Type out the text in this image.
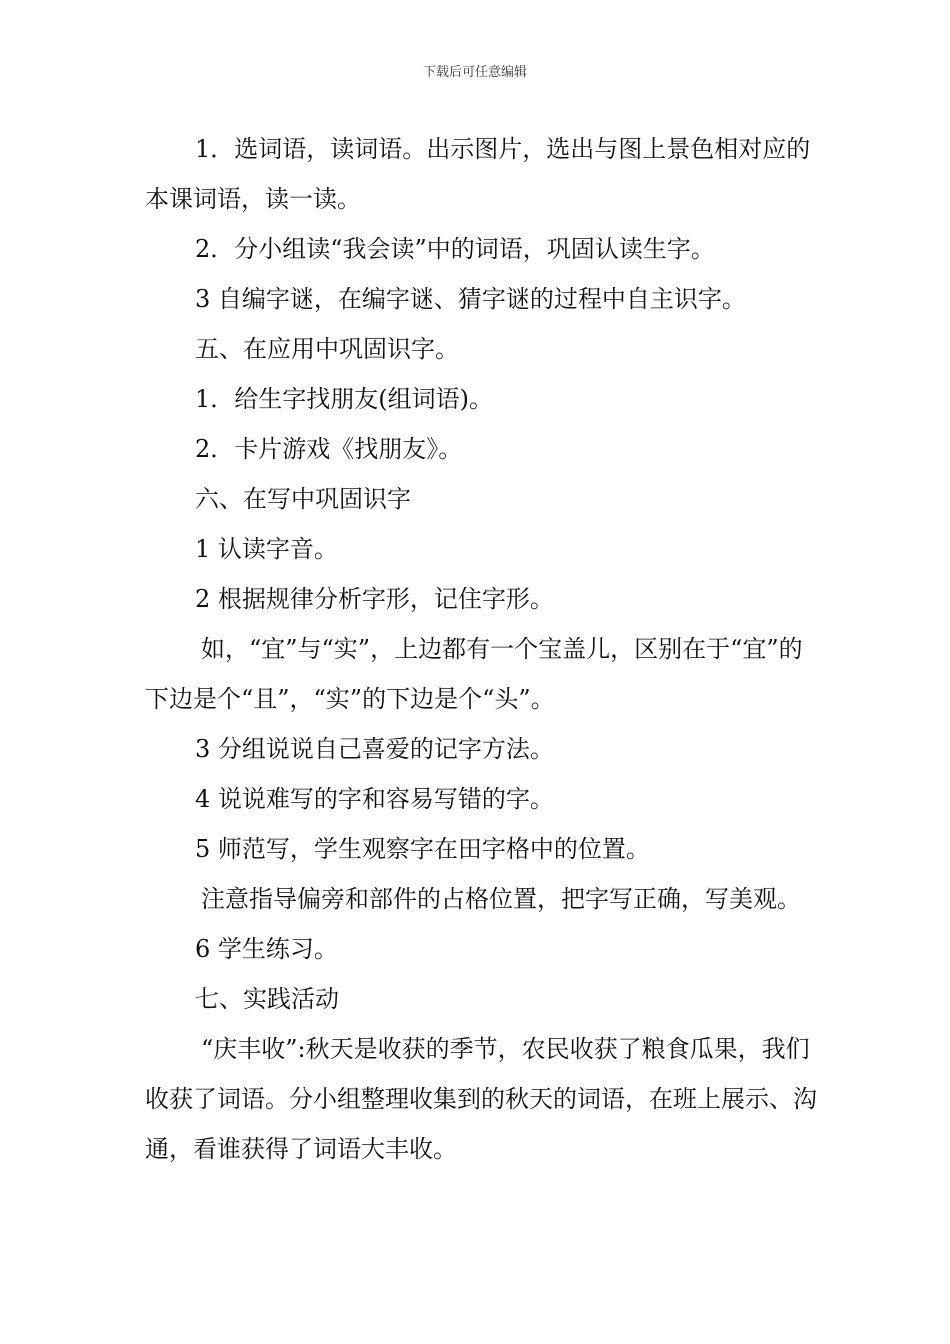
下载后可任意编辑

1．选词语，读词语。出示图片，选出与图上景色相对应的本课词语，读一读。

2．分小组读“我会读”中的词语，巩固认读生字。

3 自编字谜，在编字谜、猜字谜的过程中自主识字。

五、在应用中巩固识字。

1．给生字找朋友(组词语)。

2．卡片游戏《找朋友》。

六、在写中巩固识字

1 认读字音。

2 根据规律分析字形，记住字形。

如，“宜”与“实”，上边都有一个宝盖儿，区别在于“宜”的下边是个“且”，“实”的下边是个“头”。

3 分组说说自己喜爱的记字方法。

4 说说难写的字和容易写错的字。

5 师范写，学生观察字在田字格中的位置。

注意指导偏旁和部件的占格位置，把字写正确，写美观。

6 学生练习。

七、实践活动

“庆丰收”:秋天是收获的季节，农民收获了粮食瓜果，我们收获了词语。分小组整理收集到的秋天的词语，在班上展示、沟通，看谁获得了词语大丰收。
